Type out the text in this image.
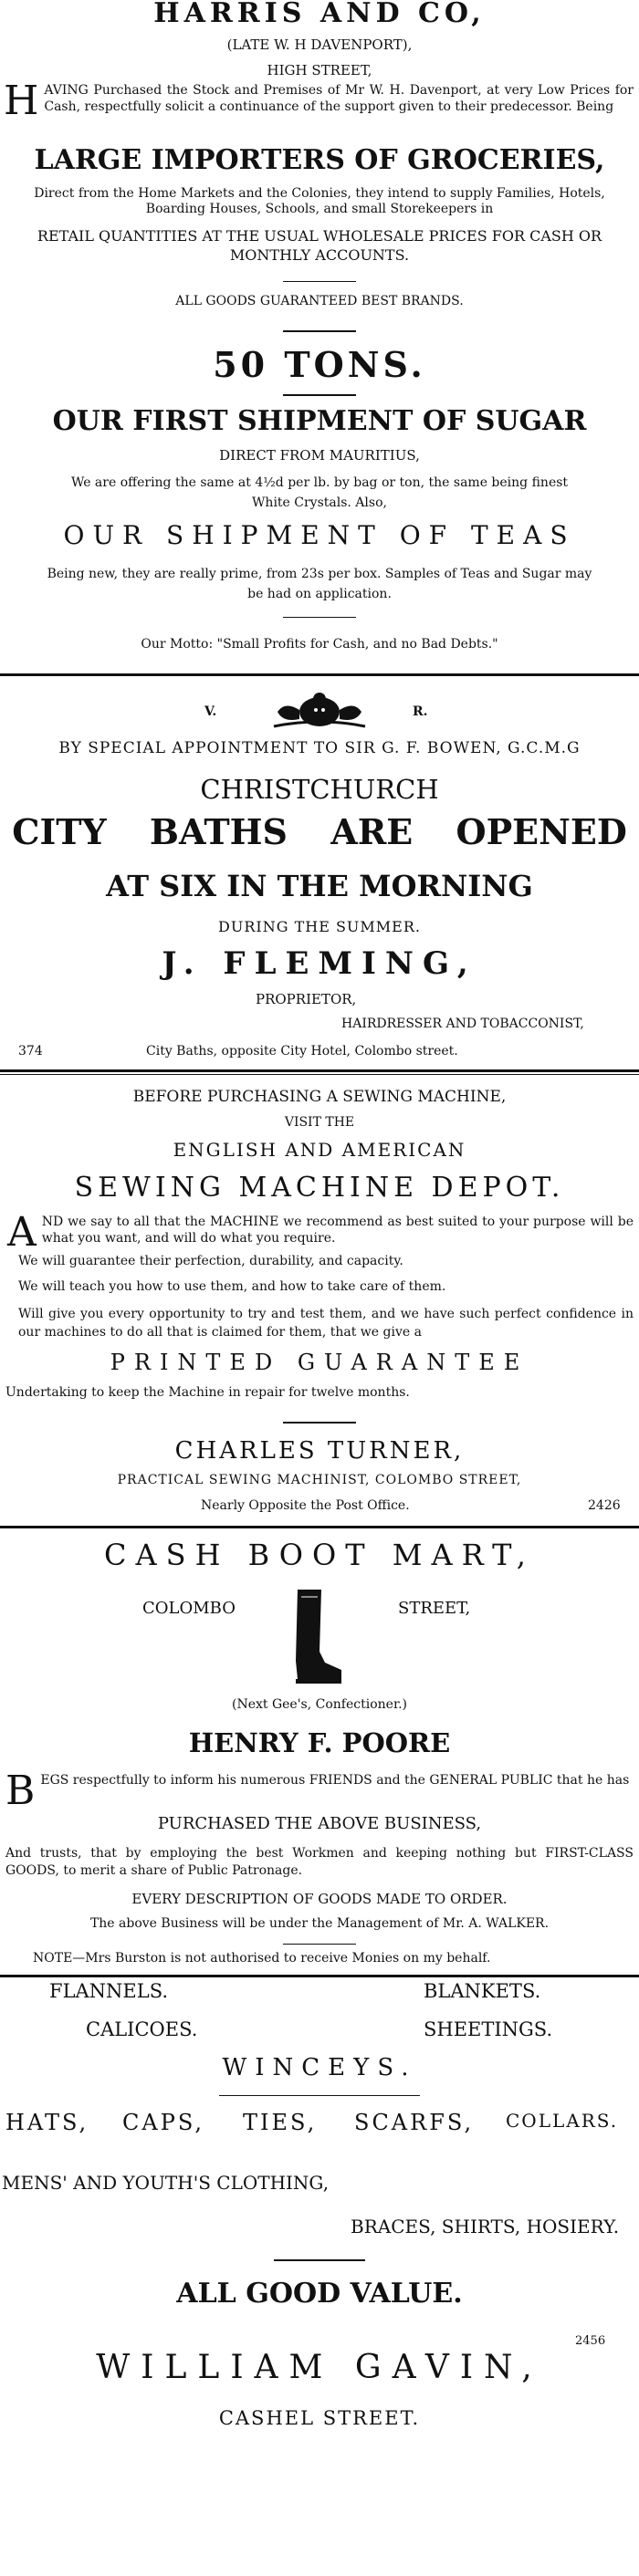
HARRIS AND CO,
(LATE W. H DAVENPORT),
HIGH STREET,
H AVING Purchased the Stock and Premises of Mr W. H. Davenport, at very Low Prices for Cash, respectfully solicit a continuance of the support given to their predecessor. Being
LARGE IMPORTERS OF GROCERIES,
Direct from the Home Markets and the Colonies, they intend to supply Families, Hotels, Boarding Houses, Schools, and small Storekeepers in
RETAIL QUANTITIES AT THE USUAL WHOLESALE PRICES FOR CASH OR MONTHLY ACCOUNTS.
ALL GOODS GUARANTEED BEST BRANDS.
50 TONS.
OUR FIRST SHIPMENT OF SUGAR
DIRECT FROM MAURITIUS,
We are offering the same at 4½d per lb. by bag or ton, the same being finest White Crystals. Also,
OUR SHIPMENT OF TEAS
Being new, they are really prime, from 23s per box. Samples of Teas and Sugar may be had on application.
Our Motto: "Small Profits for Cash, and no Bad Debts."
V.	R.
BY SPECIAL APPOINTMENT TO SIR G. F. BOWEN, G.C.M.G
CHRISTCHURCH
CITY BATHS ARE OPENED
AT SIX IN THE MORNING
DURING THE SUMMER.
J. FLEMING,
PROPRIETOR,
HAIRDRESSER AND TOBACCONIST,
374	City Baths, opposite City Hotel, Colombo street.
BEFORE PURCHASING A SEWING MACHINE,
VISIT THE
ENGLISH AND AMERICAN
SEWING MACHINE DEPOT.
A ND we say to all that the MACHINE we recommend as best suited to your purpose will be what you want, and will do what you require.
We will guarantee their perfection, durability, and capacity.
We will teach you how to use them, and how to take care of them.
Will give you every opportunity to try and test them, and we have such perfect confidence in our machines to do all that is claimed for them, that we give a
PRINTED GUARANTEE
Undertaking to keep the Machine in repair for twelve months.
CHARLES TURNER,
PRACTICAL SEWING MACHINIST, COLOMBO STREET,
Nearly Opposite the Post Office.	2426
CASH BOOT MART,
COLOMBO	STREET,
(Next Gee's, Confectioner.)
HENRY F. POORE
B EGS respectfully to inform his numerous FRIENDS and the GENERAL PUBLIC that he has
PURCHASED THE ABOVE BUSINESS,
And trusts, that by employing the best Workmen and keeping nothing but FIRST-CLASS GOODS, to merit a share of Public Patronage.
EVERY DESCRIPTION OF GOODS MADE TO ORDER.
The above Business will be under the Management of Mr. A. WALKER.
NOTE—Mrs Burston is not authorised to receive Monies on my behalf.
FLANNELS.	BLANKETS.
CALICOES.	SHEETINGS.
WINCEYS.
HATS, CAPS, TIES, SCARFS, COLLARS.
MENS' AND YOUTH'S CLOTHING,
BRACES, SHIRTS, HOSIERY.
ALL GOOD VALUE.
2456
WILLIAM GAVIN,
CASHEL STREET.
